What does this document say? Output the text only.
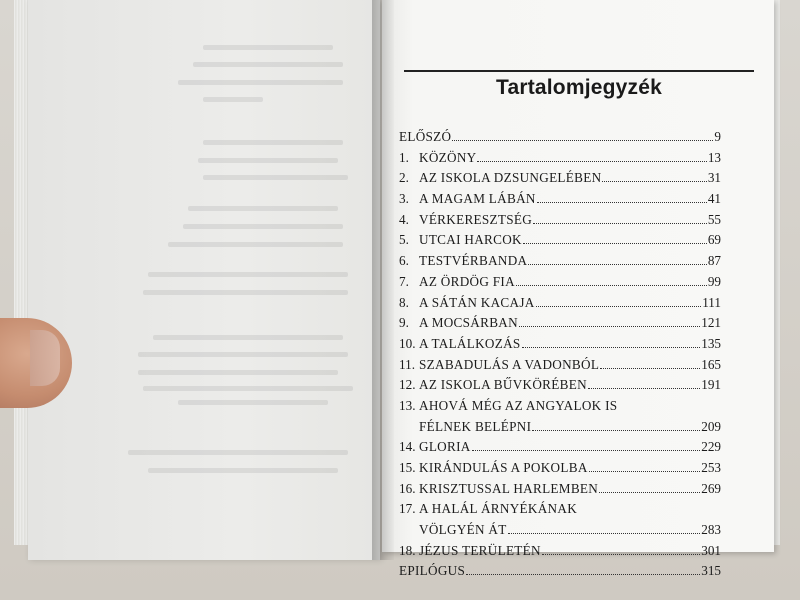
Tartalomjegyzék
ELŐSZÓ	9
1. KÖZÖNY	13
2. AZ ISKOLA DZSUNGELÉBEN	31
3. A MAGAM LÁBÁN	41
4. VÉRKERESZTSÉG	55
5. UTCAI HARCOK	69
6. TESTVÉRBANDA	87
7. AZ ÖRDÖG FIA	99
8. A SÁTÁN KACAJA	111
9. A MOCSÁRBAN	121
10. A TALÁLKOZÁS	135
11. SZABADULÁS A VADONBÓL	165
12. AZ ISKOLA BŰVKÖRÉBEN	191
13. AHOVÁ MÉG AZ ANGYALOK IS
FÉLNEK BELÉPNI	209
14. GLORIA	229
15. KIRÁNDULÁS A POKOLBA	253
16. KRISZTUSSAL HARLEMBEN	269
17. A HALÁL ÁRNYÉKÁNAK
VÖLGYÉN ÁT	283
18. JÉZUS TERÜLETÉN	301
EPILÓGUS	315
